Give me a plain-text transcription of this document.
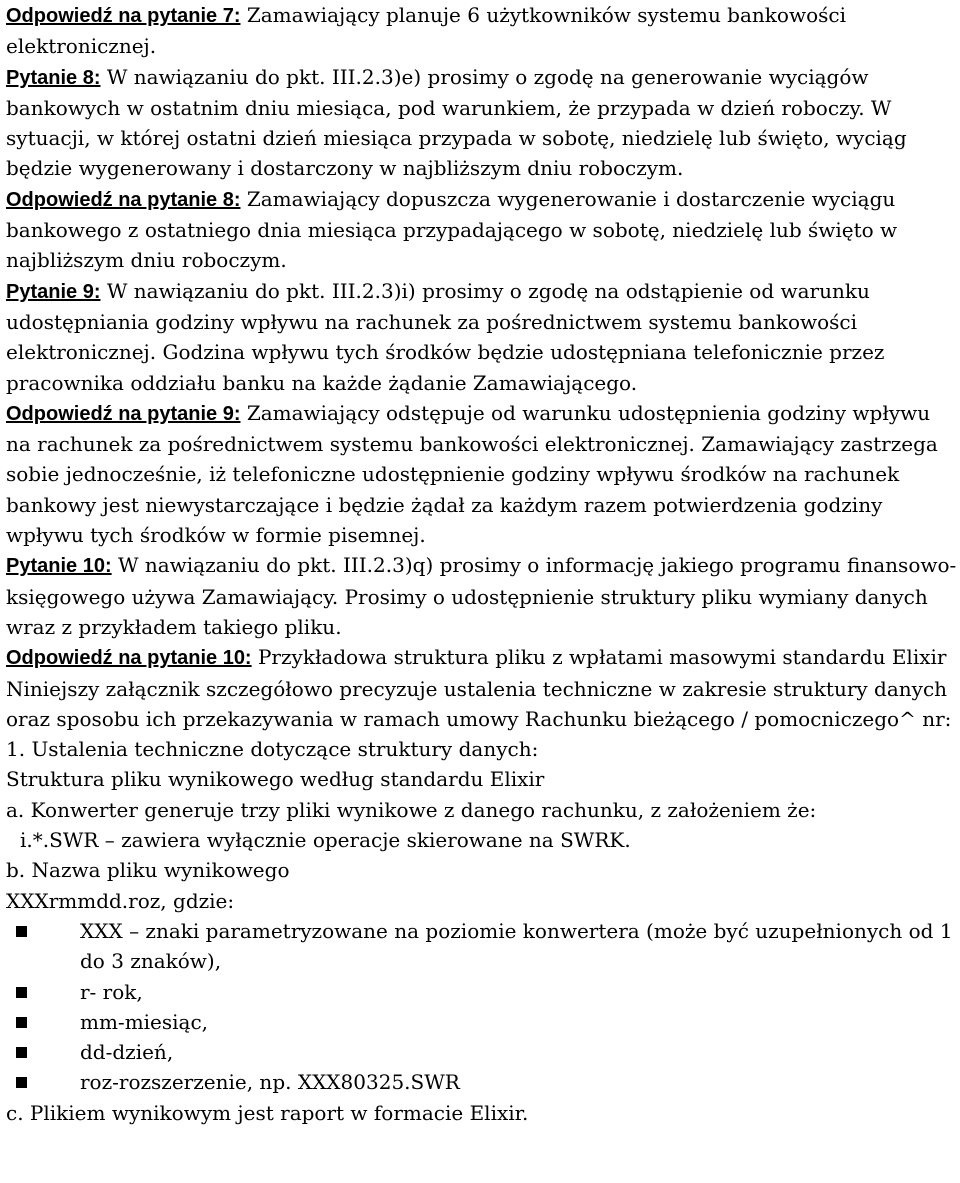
Odpowiedź na pytanie 7: Zamawiający planuje 6 użytkowników systemu bankowości elektronicznej.

Pytanie 8: W nawiązaniu do pkt. III.2.3)e) prosimy o zgodę na generowanie wyciągów bankowych w ostatnim dniu miesiąca, pod warunkiem, że przypada w dzień roboczy. W sytuacji, w której ostatni dzień miesiąca przypada w sobotę, niedzielę lub święto, wyciąg będzie wygenerowany i dostarczony w najbliższym dniu roboczym.

Odpowiedź na pytanie 8: Zamawiający dopuszcza wygenerowanie i dostarczenie wyciągu bankowego z ostatniego dnia miesiąca przypadającego w sobotę, niedzielę lub święto w najbliższym dniu roboczym.

Pytanie 9: W nawiązaniu do pkt. III.2.3)i) prosimy o zgodę na odstąpienie od warunku udostępniania godziny wpływu na rachunek za pośrednictwem systemu bankowości elektronicznej. Godzina wpływu tych środków będzie udostępniana telefonicznie przez pracownika oddziału banku na każde żądanie Zamawiającego.

Odpowiedź na pytanie 9: Zamawiający odstępuje od warunku udostępnienia godziny wpływu na rachunek za pośrednictwem systemu bankowości elektronicznej. Zamawiający zastrzega sobie jednocześnie, iż telefoniczne udostępnienie godziny wpływu środków na rachunek bankowy jest niewystarczające i będzie żądał za każdym razem potwierdzenia godziny wpływu tych środków w formie pisemnej.

Pytanie 10: W nawiązaniu do pkt. III.2.3)q) prosimy o informację jakiego programu finansowo-księgowego używa Zamawiający. Prosimy o udostępnienie struktury pliku wymiany danych wraz z przykładem takiego pliku.

Odpowiedź na pytanie 10: Przykładowa struktura pliku z wpłatami masowymi standardu Elixir

Niniejszy załącznik szczegółowo precyzuje ustalenia techniczne w zakresie struktury danych oraz sposobu ich przekazywania w ramach umowy Rachunku bieżącego / pomocniczego^ nr:

1. Ustalenia techniczne dotyczące struktury danych:

Struktura pliku wynikowego według standardu Elixir

a. Konwerter generuje trzy pliki wynikowe z danego rachunku, z założeniem że:

i.*.SWR – zawiera wyłącznie operacje skierowane na SWRK.

b. Nazwa pliku wynikowego

XXXrmmdd.roz, gdzie:

XXX – znaki parametryzowane na poziomie konwertera (może być uzupełnionych od 1 do 3 znaków),
r- rok,
mm-miesiąc,
dd-dzień,
roz-rozszerzenie, np. XXX80325.SWR

c. Plikiem wynikowym jest raport w formacie Elixir.
